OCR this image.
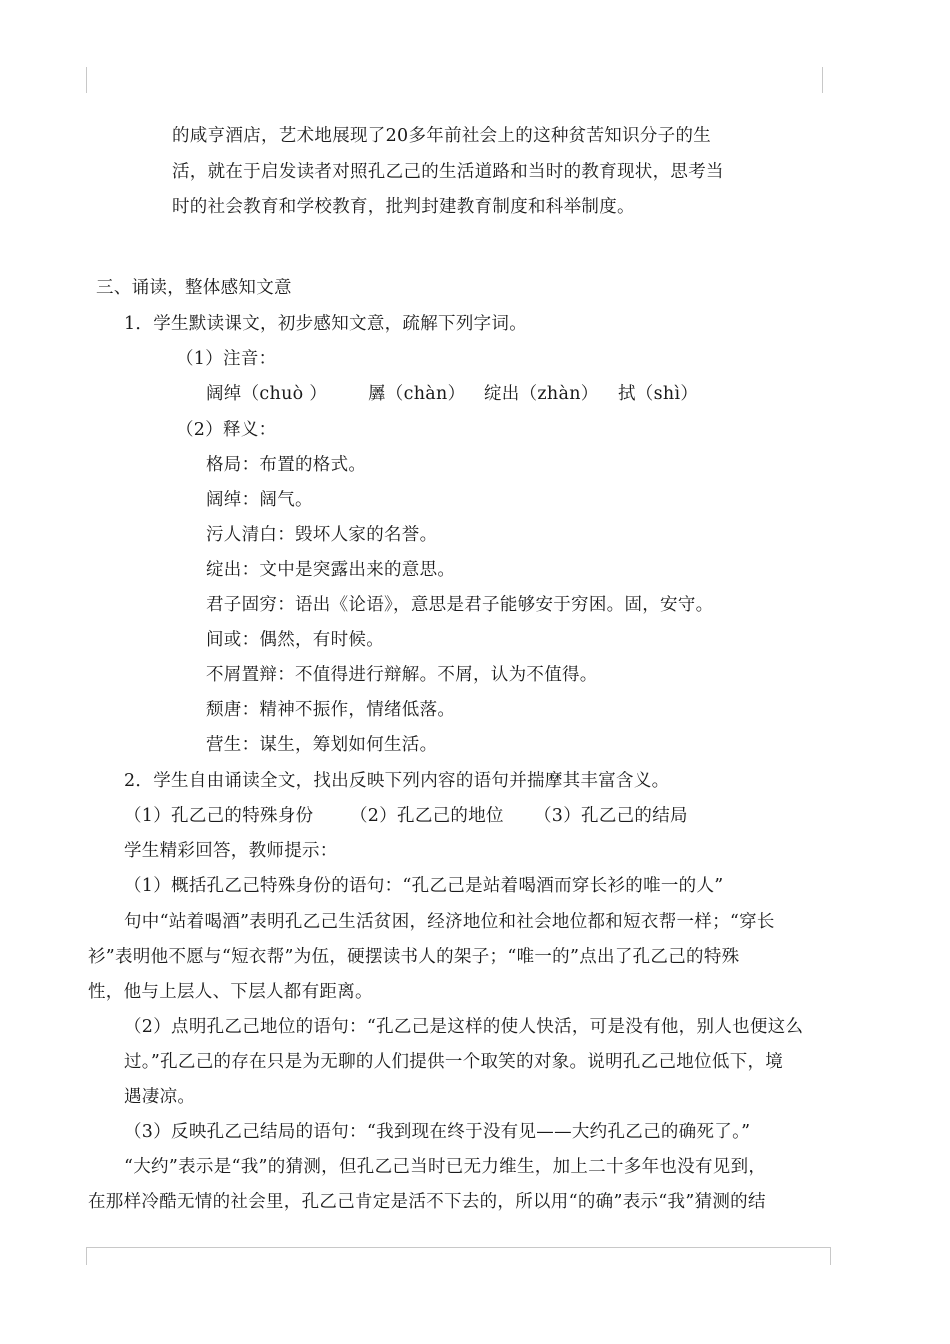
的咸亨酒店，艺术地展现了20多年前社会上的这种贫苦知识分子的生

活，就在于启发读者对照孔乙己的生活道路和当时的教育现状，思考当

时的社会教育和学校教育，批判封建教育制度和科举制度。

三、诵读，整体感知文意

1．学生默读课文，初步感知文意，疏解下列字词。

（1）注音：

阔绰（chuò ） 羼（chàn） 绽出（zhàn） 拭（shì）

（2）释义：

格局：布置的格式。

阔绰：阔气。

污人清白：毁坏人家的名誉。

绽出：文中是突露出来的意思。

君子固穷：语出《论语》，意思是君子能够安于穷困。固，安守。

间或：偶然，有时候。

不屑置辩：不值得进行辩解。不屑，认为不值得。

颓唐：精神不振作，情绪低落。

营生：谋生，筹划如何生活。

2．学生自由诵读全文，找出反映下列内容的语句并揣摩其丰富含义。

（1）孔乙己的特殊身份 （2）孔乙己的地位 （3）孔乙己的结局

学生精彩回答，教师提示：

（1）概括孔乙己特殊身份的语句：“孔乙己是站着喝酒而穿长衫的唯一的人”

句中“站着喝酒”表明孔乙己生活贫困，经济地位和社会地位都和短衣帮一样；“穿长

衫”表明他不愿与“短衣帮”为伍，硬摆读书人的架子；“唯一的”点出了孔乙己的特殊

性，他与上层人、下层人都有距离。

（2）点明孔乙己地位的语句：“孔乙己是这样的使人快活，可是没有他，别人也便这么

过。”孔乙己的存在只是为无聊的人们提供一个取笑的对象。说明孔乙己地位低下，境

遇凄凉。

（3）反映孔乙己结局的语句：“我到现在终于没有见——大约孔乙己的确死了。”

“大约”表示是“我”的猜测，但孔乙己当时已无力维生，加上二十多年也没有见到，

在那样冷酷无情的社会里，孔乙己肯定是活不下去的，所以用“的确”表示“我”猜测的结
